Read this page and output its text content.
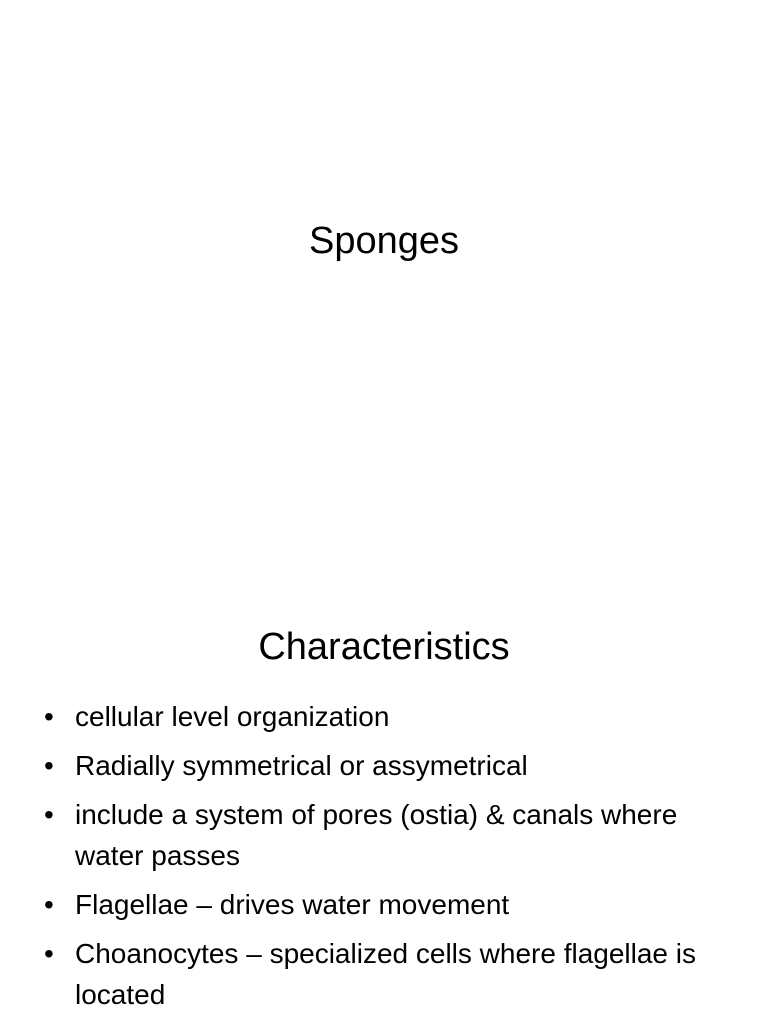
Sponges
Characteristics
• cellular level organization
• Radially symmetrical or assymetrical
• include a system of pores (ostia) & canals where water passes
• Flagellae – drives water movement
• Choanocytes – specialized cells where flagellae is located
